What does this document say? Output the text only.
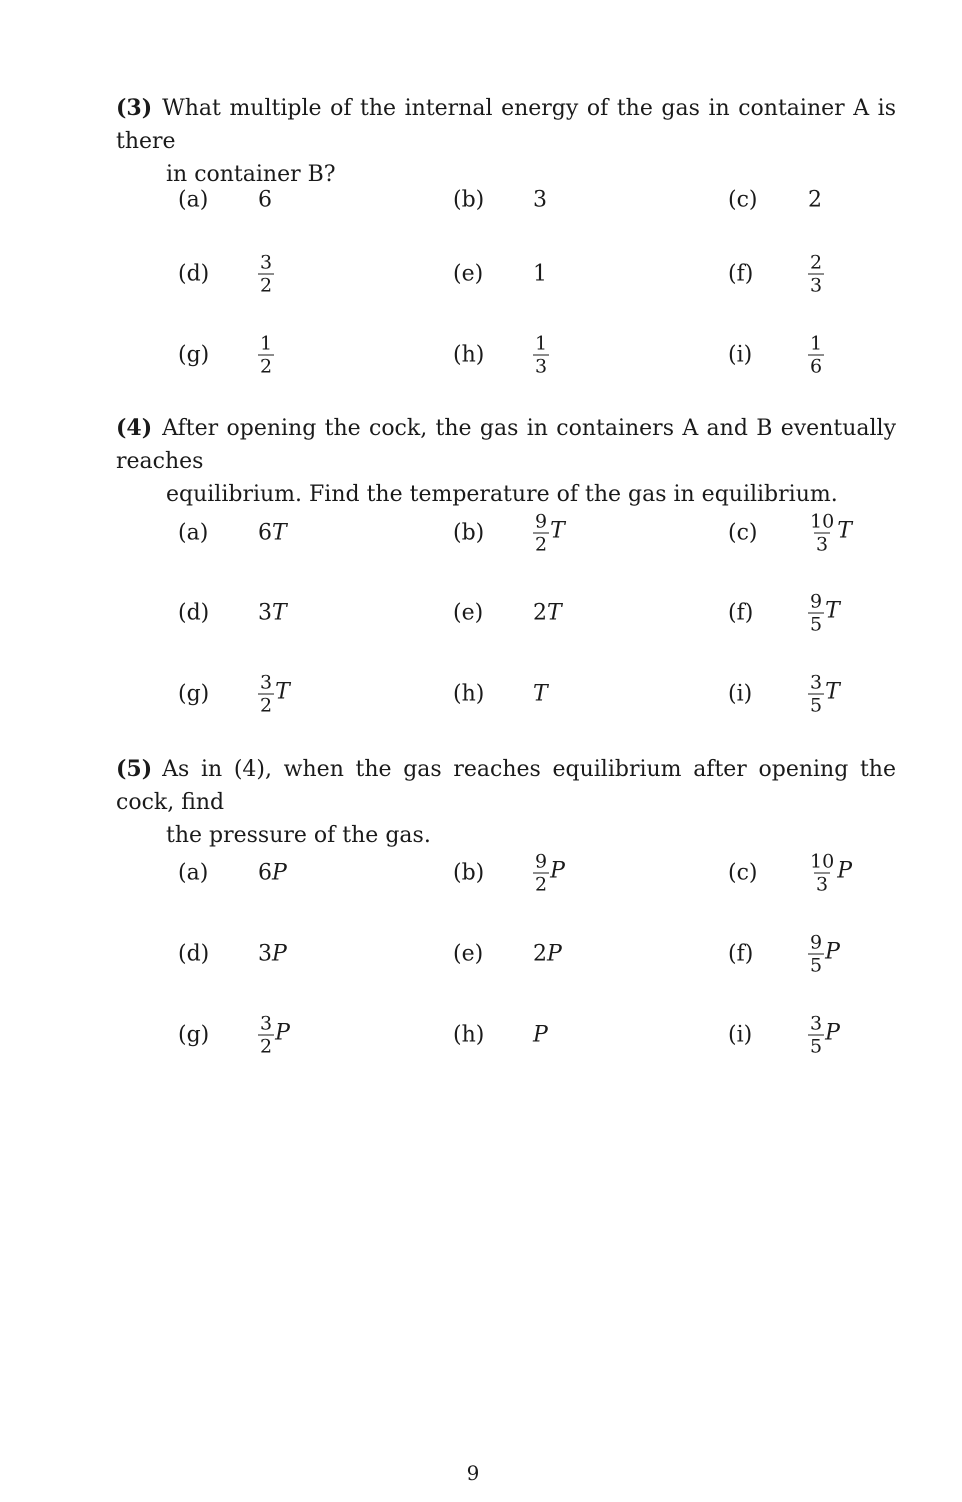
(3) What multiple of the internal energy of the gas in container A is there
in container B?
(a) 6	(b) 3	(c) 2
(d)	$\frac{3}{2}$	(e) 1	(f)	$\frac{2}{3}$
(g)	$\frac{1}{2}$	(h)	$\frac{1}{3}$	(i)	$\frac{1}{6}$
(4) After opening the cock, the gas in containers A and B eventually reaches
equilibrium. Find the temperature of the gas in equilibrium.
(a) 6 T	(b)	$\frac{9}{2}$ T	(c)	$\frac{10}{3}$ T
(d) 3 T	(e) 2 T	(f)	$\frac{9}{5}$ T
(g)	$\frac{3}{2}$ T	(h) T	(i)	$\frac{3}{5}$ T
(5) As in (4), when the gas reaches equilibrium after opening the cock, find
the pressure of the gas.
(a) 6 P	(b)	$\frac{9}{2}$ P	(c)	$\frac{10}{3}$ P
(d) 3 P	(e) 2 P	(f)	$\frac{9}{5}$ P
(g)	$\frac{3}{2}$ P	(h) P	(i)	$\frac{3}{5}$ P
9
